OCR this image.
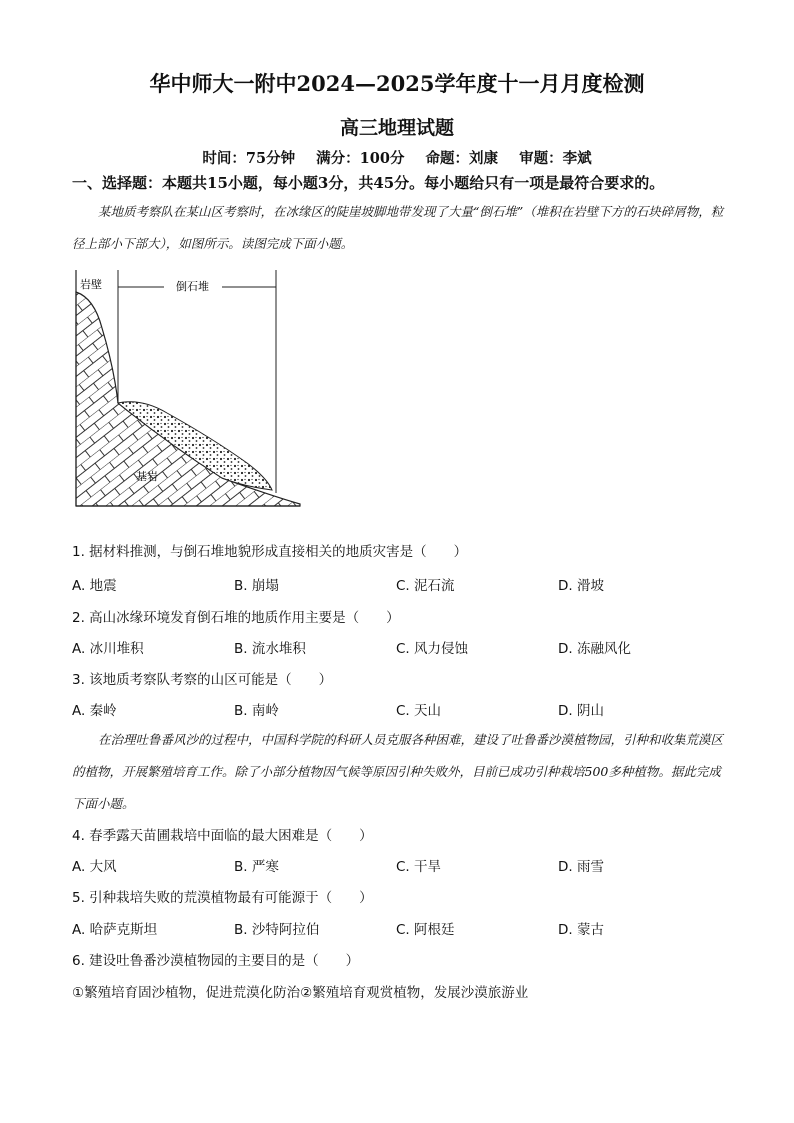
华中师大一附中2024—2025学年度十一月月度检测
高三地理试题
时间：75分钟 满分：100分 命题：刘康 审题：李斌
一、选择题：本题共15小题，每小题3分，共45分。每小题给只有一项是最符合要求的。
某地质考察队在某山区考察时，在冰缘区的陡崖坡脚地带发现了大量“倒石堆”（堆积在岩壁下方的石块碎屑物，粒径上部小下部大），如图所示。读图完成下面小题。
岩壁	倒石堆
基岩
1. 据材料推测，与倒石堆地貌形成直接相关的地质灾害是（　　）
A. 地震	B. 崩塌	C. 泥石流	D. 滑坡
2. 高山冰缘环境发育倒石堆的地质作用主要是（　　）
A. 冰川堆积	B. 流水堆积	C. 风力侵蚀	D. 冻融风化
3. 该地质考察队考察的山区可能是（　　）
A. 秦岭	B. 南岭	C. 天山	D. 阴山
在治理吐鲁番风沙的过程中，中国科学院的科研人员克服各种困难，建设了吐鲁番沙漠植物园，引种和收集荒漠区的植物，开展繁殖培育工作。除了小部分植物因气候等原因引种失败外，目前已成功引种栽培500多种植物。据此完成下面小题。
4. 春季露天苗圃栽培中面临的最大困难是（　　）
A. 大风	B. 严寒	C. 干旱	D. 雨雪
5. 引种栽培失败的荒漠植物最有可能源于（　　）
A. 哈萨克斯坦	B. 沙特阿拉伯	C. 阿根廷	D. 蒙古
6. 建设吐鲁番沙漠植物园的主要目的是（　　）
①繁殖培育固沙植物，促进荒漠化防治②繁殖培育观赏植物，发展沙漠旅游业
